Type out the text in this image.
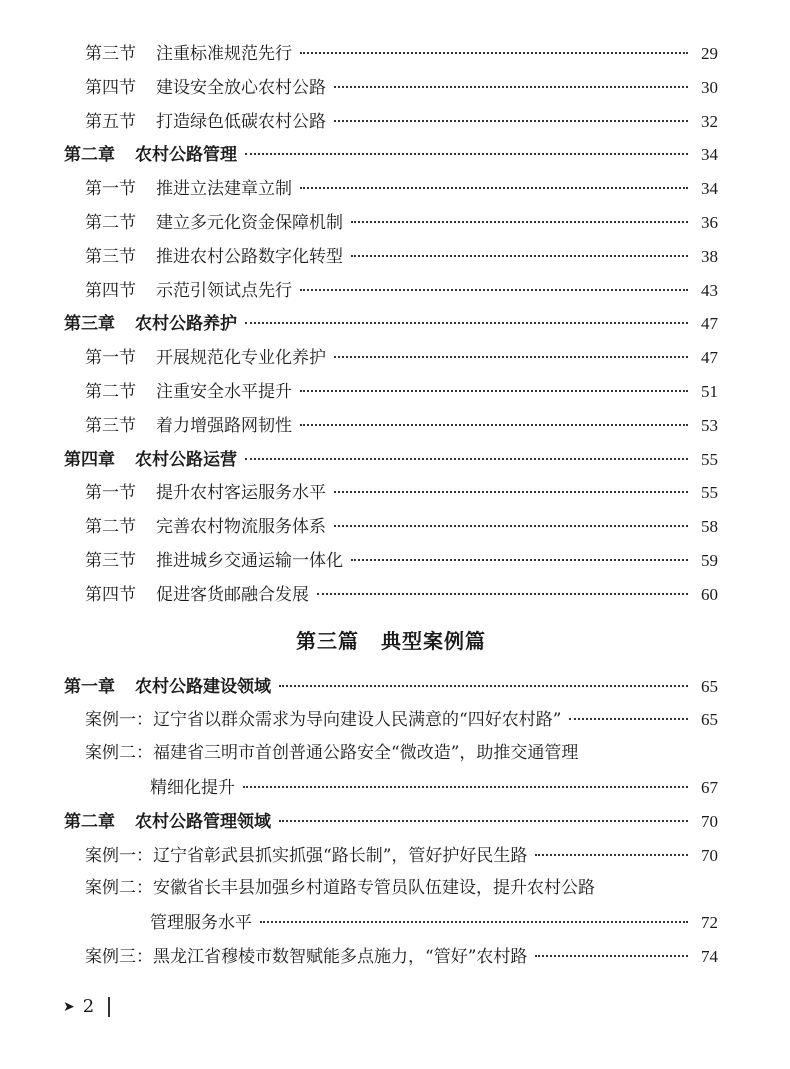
第三节 注重标准规范先行	29
第四节 建设安全放心农村公路	30
第五节 打造绿色低碳农村公路	32
第二章 农村公路管理	34
第一节 推进立法建章立制	34
第二节 建立多元化资金保障机制	36
第三节 推进农村公路数字化转型	38
第四节 示范引领试点先行	43
第三章 农村公路养护	47
第一节 开展规范化专业化养护	47
第二节 注重安全水平提升	51
第三节 着力增强路网韧性	53
第四章 农村公路运营	55
第一节 提升农村客运服务水平	55
第二节 完善农村物流服务体系	58
第三节 推进城乡交通运输一体化	59
第四节 促进客货邮融合发展	60
第三篇 典型案例篇
第一章 农村公路建设领域	65
案例一：辽宁省以群众需求为导向建设人民满意的“四好农村路”	65
案例二：福建省三明市首创普通公路安全“微改造”，助推交通管理
精细化提升	67
第二章 农村公路管理领域	70
案例一：辽宁省彰武县抓实抓强“路长制”，管好护好民生路	70
案例二：安徽省长丰县加强乡村道路专管员队伍建设，提升农村公路
管理服务水平	72
案例三：黑龙江省穆棱市数智赋能多点施力，“管好”农村路	74
➤ 2
